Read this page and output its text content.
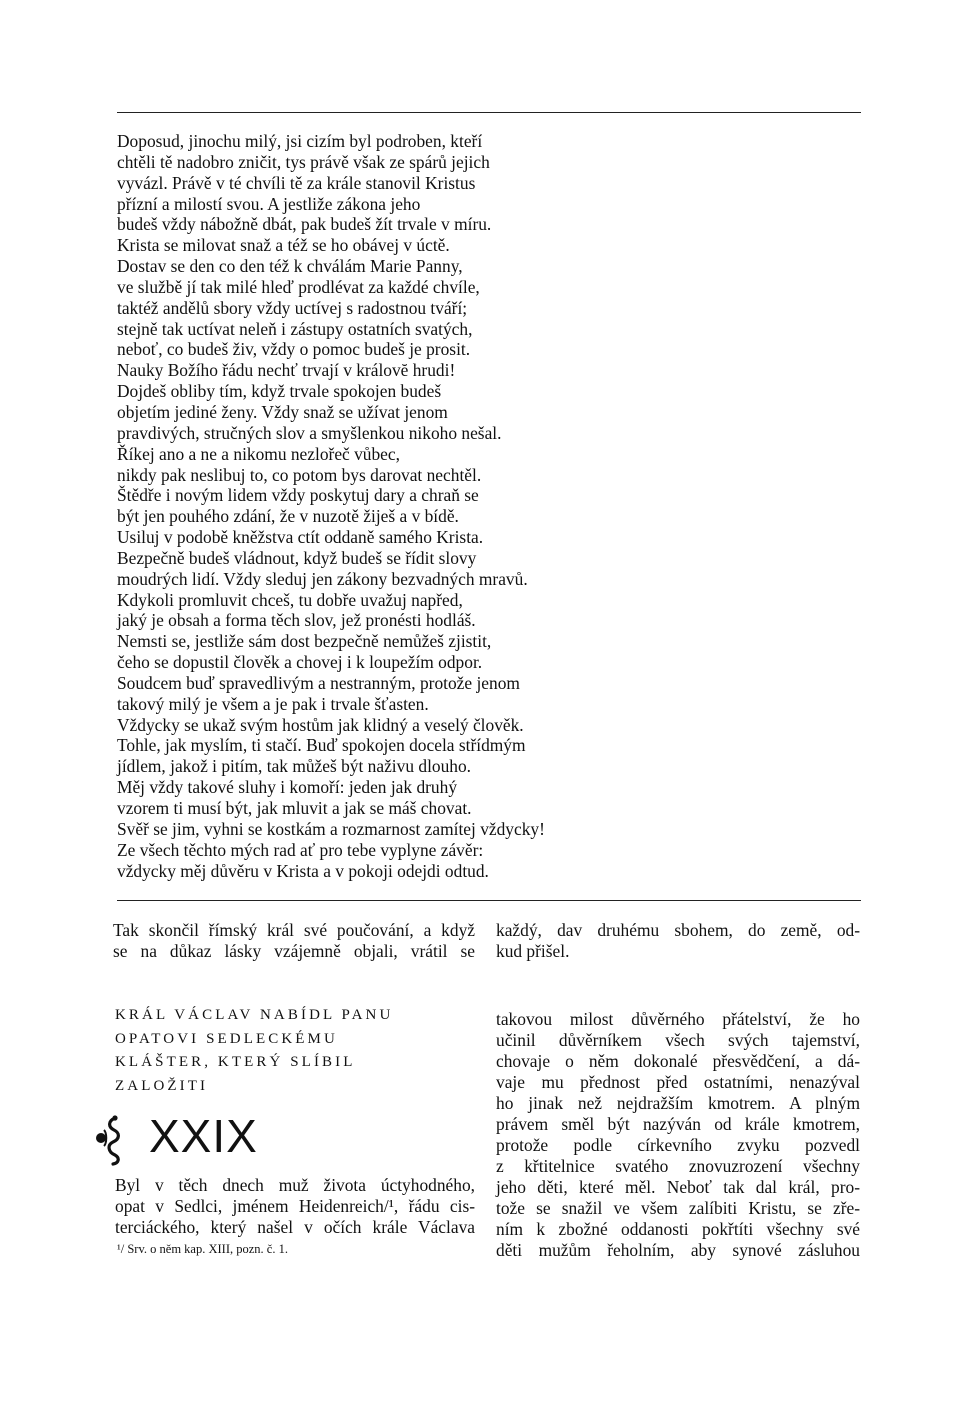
Doposud, jinochu milý, jsi cizím byl podroben, kteří
chtěli tě nadobro zničit, tys právě však ze spárů jejich
vyvázl. Právě v té chvíli tě za krále stanovil Kristus
přízní a milostí svou. A jestliže zákona jeho
budeš vždy nábožně dbát, pak budeš žít trvale v míru.
Krista se milovat snaž a též se ho obávej v úctě.
Dostav se den co den též k chválám Marie Panny,
ve službě jí tak milé hleď prodlévat za každé chvíle,
taktéž andělů sbory vždy uctívej s radostnou tváří;
stejně tak uctívat neleň i zástupy ostatních svatých,
neboť, co budeš živ, vždy o pomoc budeš je prosit.
Nauky Božího řádu nechť trvají v královĕ hrudi!
Dojdeš obliby tím, když trvale spokojen budeš
objetím jediné ženy. Vždy snaž se užívat jenom
pravdivých, stručných slov a smyšlenkou nikoho nešal.
Říkej ano a ne a nikomu nezlořeč vůbec,
nikdy pak neslibuj to, co potom bys darovat nechtěl.
Štědře i novým lidem vždy poskytuj dary a chraň se
být jen pouhého zdání, že v nuzotě žiješ a v bídě.
Usiluj v podobě kněžstva ctít oddaně samého Krista.
Bezpečně budeš vládnout, když budeš se řídit slovy
moudrých lidí. Vždy sleduj jen zákony bezvadných mravů.
Kdykoli promluvit chceš, tu dobře uvažuj napřed,
jaký je obsah a forma těch slov, jež pronésti hodláš.
Nemsti se, jestliže sám dost bezpečně nemůžeš zjistit,
čeho se dopustil člověk a chovej i k loupežím odpor.
Soudcem buď spravedlivým a nestranným, protože jenom
takový milý je všem a je pak i trvale šťasten.
Vždycky se ukaž svým hostům jak klidný a veselý člověk.
Tohle, jak myslím, ti stačí. Buď spokojen docela střídmým
jídlem, jakož i pitím, tak můžeš být naživu dlouho.
Měj vždy takové sluhy i komoří: jeden jak druhý
vzorem ti musí být, jak mluvit a jak se máš chovat.
Svěř se jim, vyhni se kostkám a rozmarnost zamítej vždycky!
Ze všech těchto mých rad ať pro tebe vyplyne závěr:
vždycky měj důvěru v Krista a v pokoji odejdi odtud.
Tak skončil římský král své poučování, a když
se na důkaz lásky vzájemně objali, vrátil se
každý, dav druhému sbohem, do země, od-
kud přišel.
KRÁL VÁCLAV NABÍDL PANU
OPATOVI SEDLECKÉMU
KLÁŠTER, KTERÝ SLÍBIL
ZALOŽITI
XXIX
Byl v těch dnech muž života úctyhodného,
opat v Sedlci, jménem Heidenreich/¹, řádu cis-
terciáckého, který našel v očích krále Václava
¹/ Srv. o něm kap. XIII, pozn. č. 1.
takovou milost důvěrného přátelství, že ho
učinil důvěrníkem všech svých tajemství,
chovaje o něm dokonalé přesvědčení, a dá-
vaje mu přednost před ostatními, nenazýval
ho jinak než nejdražším kmotrem. A plným
právem směl být nazýván od krále kmotrem,
protože podle církevního zvyku pozvedl
z křtitelnice svatého znovuzrození všechny
jeho děti, které měl. Neboť tak dal král, pro-
tože se snažil ve všem zalíbiti Kristu, se zře-
ním k zbožné oddanosti pokřtíti všechny své
děti mužům řeholním, aby synové zásluhou
